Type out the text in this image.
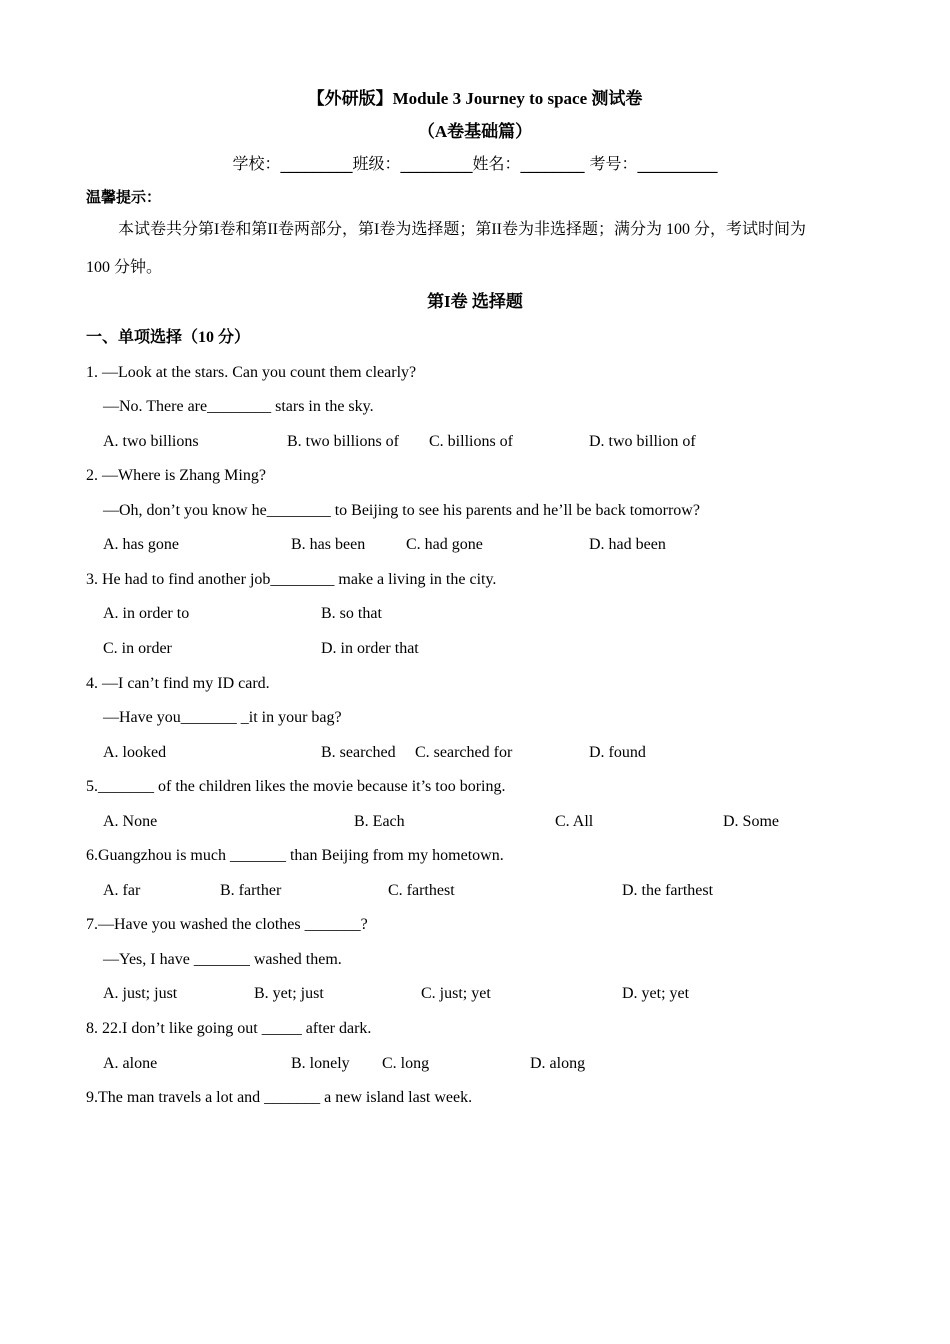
【外研版】Module 3 Journey to space 测试卷
（A卷基础篇）
学校：_________班级：_________姓名：________ 考号：__________
温馨提示：
本试卷共分第I卷和第II卷两部分，第I卷为选择题；第II卷为非选择题；满分为 100 分，考试时间为
100 分钟。
第I卷 选择题
一、单项选择（10 分）
1. —Look at the stars. Can you count them clearly?
—No. There are________ stars in the sky.
A. two billions	B. two billions of C. billions of	D. two billion of
2. —Where is Zhang Ming?
—Oh, don’t you know he________ to Beijing to see his parents and he’ll be back tomorrow?
A. has gone	B. has been	C. had gone	D. had been
3. He had to find another job________ make a living in the city.
A. in order to	B. so that
C. in order	D. in order that
4. —I can’t find my ID card.
—Have you_______ _it in your bag?
A. looked	B. searched C. searched for	D. found
5._______ of the children likes the movie because it’s too boring.
A. None	B. Each	C. All	D. Some
6.Guangzhou is much _______ than Beijing from my hometown.
A. far	B. farther	C. farthest	D. the farthest
7.—Have you washed the clothes _______?
—Yes, I have _______ washed them.
A. just; just	B. yet; just	C. just; yet	D. yet; yet
8. 22.I don’t like going out _____ after dark.
A. alone	B. lonely C. long	D. along
9.The man travels a lot and _______ a new island last week.
